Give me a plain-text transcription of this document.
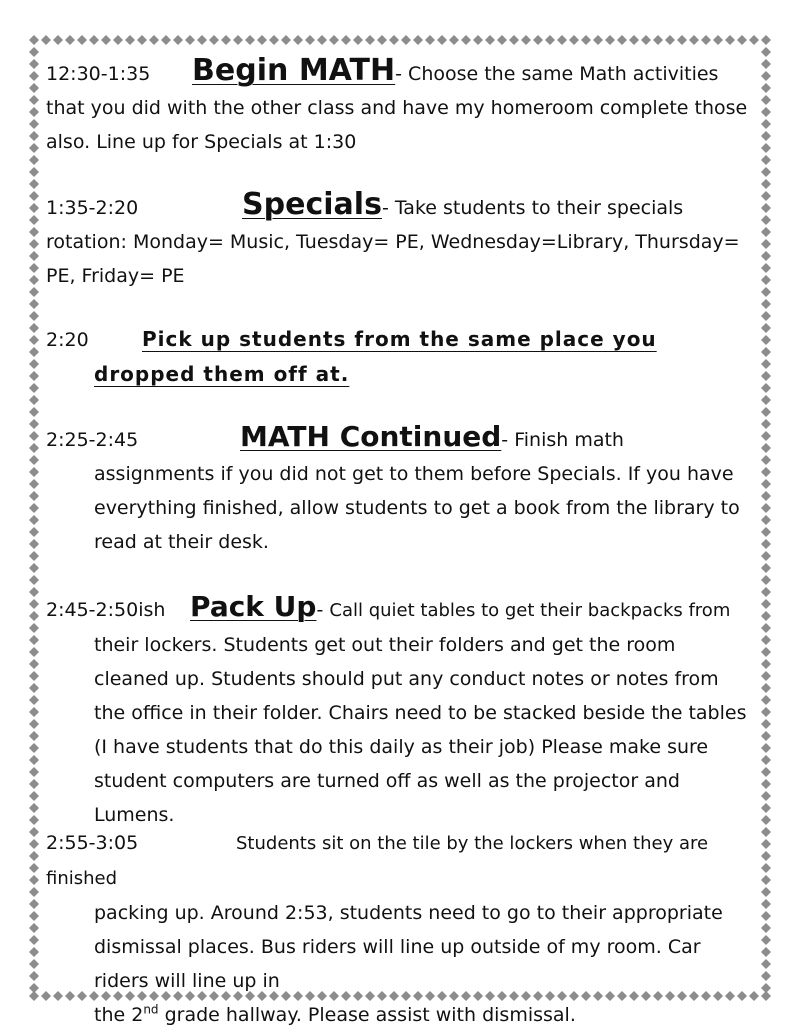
12:30-1:35 Begin MATH- Choose the same Math activities that you did with the other class and have my homeroom complete those also. Line up for Specials at 1:30

1:35-2:20	Specials- Take students to their specials rotation: Monday= Music, Tuesday= PE, Wednesday=Library, Thursday= PE, Friday= PE

2:20	Pick up students from the same place you dropped them off at.

2:25-2:45	MATH Continued- Finish math

assignments if you did not get to them before Specials. If you have everything finished, allow students to get a book from the library to read at their desk.

2:45-2:50ish Pack Up- Call quiet tables to get their backpacks from

their lockers. Students get out their folders and get the room cleaned up. Students should put any conduct notes or notes from the office in their folder. Chairs need to be stacked beside the tables (I have students that do this daily as their job) Please make sure student computers are turned off as well as the projector and Lumens.

2:55-3:05	Students sit on the tile by the lockers when they are finished

packing up. Around 2:53, students need to go to their appropriate dismissal places. Bus riders will line up outside of my room. Car riders will line up in

the 2nd grade hallway. Please assist with dismissal.
